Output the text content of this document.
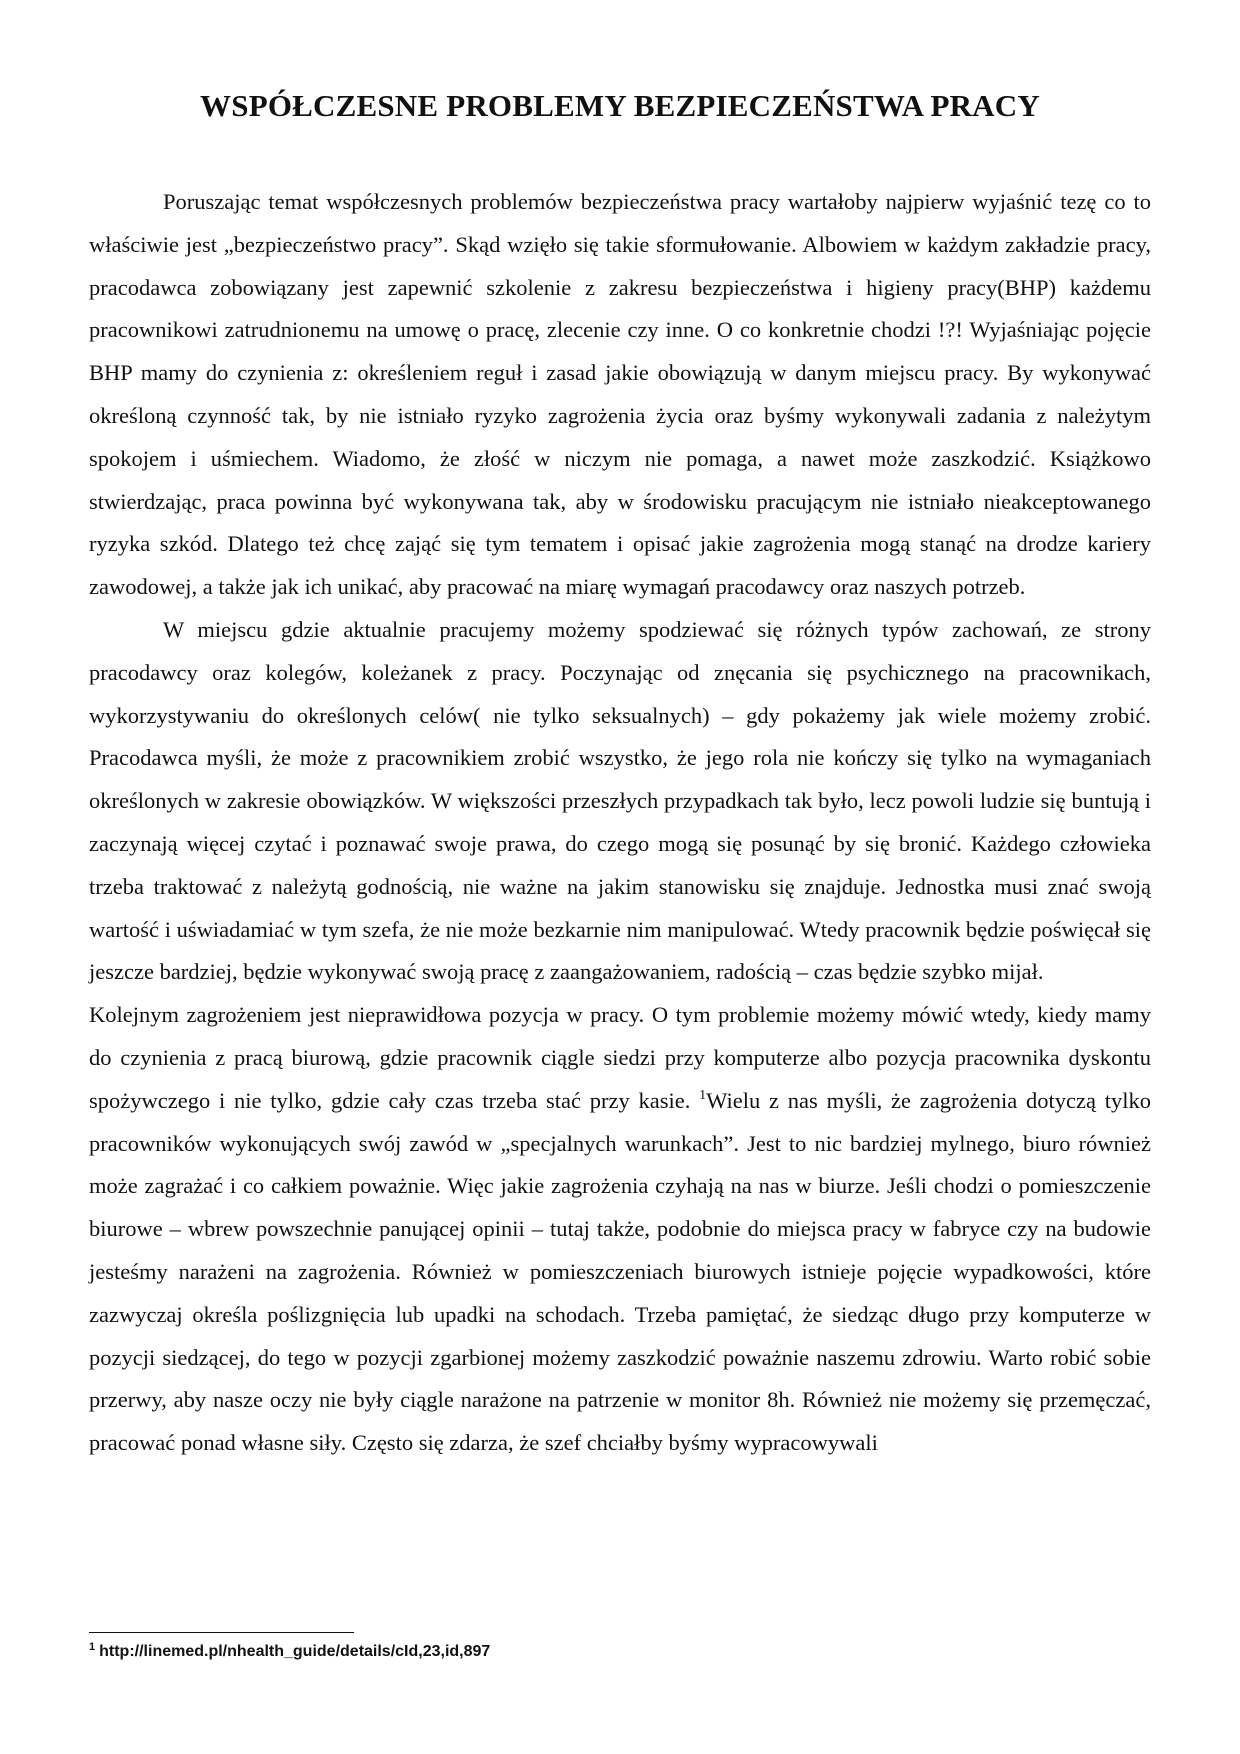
WSPÓŁCZESNE PROBLEMY BEZPIECZEŃSTWA PRACY

Poruszając temat współczesnych problemów bezpieczeństwa pracy wartałoby najpierw wyjaśnić tezę co to właściwie jest „bezpieczeństwo pracy”. Skąd wzięło się takie sformułowanie. Albowiem w każdym zakładzie pracy, pracodawca zobowiązany jest zapewnić szkolenie z zakresu bezpieczeństwa i higieny pracy(BHP) każdemu pracownikowi zatrudnionemu na umowę o pracę, zlecenie czy inne. O co konkretnie chodzi !?! Wyjaśniając pojęcie BHP mamy do czynienia z: określeniem reguł i zasad jakie obowiązują w danym miejscu pracy. By wykonywać określoną czynność tak, by nie istniało ryzyko zagrożenia życia oraz byśmy wykonywali zadania z należytym spokojem i uśmiechem. Wiadomo, że złość w niczym nie pomaga, a nawet może zaszkodzić. Książkowo stwierdzając, praca powinna być wykonywana tak, aby w środowisku pracującym nie istniało nieakceptowanego ryzyka szkód. Dlatego też chcę zająć się tym tematem i opisać jakie zagrożenia mogą stanąć na drodze kariery zawodowej, a także jak ich unikać, aby pracować na miarę wymagań pracodawcy oraz naszych potrzeb.

W miejscu gdzie aktualnie pracujemy możemy spodziewać się różnych typów zachowań, ze strony pracodawcy oraz kolegów, koleżanek z pracy. Poczynając od znęcania się psychicznego na pracownikach, wykorzystywaniu do określonych celów( nie tylko seksualnych) – gdy pokażemy jak wiele możemy zrobić. Pracodawca myśli, że może z pracownikiem zrobić wszystko, że jego rola nie kończy się tylko na wymaganiach określonych w zakresie obowiązków. W większości przeszłych przypadkach tak było, lecz powoli ludzie się buntują i zaczynają więcej czytać i poznawać swoje prawa, do czego mogą się posunąć by się bronić. Każdego człowieka trzeba traktować z należytą godnością, nie ważne na jakim stanowisku się znajduje. Jednostka musi znać swoją wartość i uświadamiać w tym szefa, że nie może bezkarnie nim manipulować. Wtedy pracownik będzie poświęcał się jeszcze bardziej, będzie wykonywać swoją pracę z zaangażowaniem, radością – czas będzie szybko mijał.

Kolejnym zagrożeniem jest nieprawidłowa pozycja w pracy. O tym problemie możemy mówić wtedy, kiedy mamy do czynienia z pracą biurową, gdzie pracownik ciągle siedzi przy komputerze albo pozycja pracownika dyskontu spożywczego i nie tylko, gdzie cały czas trzeba stać przy kasie. $^1$Wielu z nas myśli, że zagrożenia dotyczą tylko pracowników wykonujących swój zawód w „specjalnych warunkach”. Jest to nic bardziej mylnego, biuro również może zagrażać i co całkiem poważnie. Więc jakie zagrożenia czyhają na nas w biurze. Jeśli chodzi o pomieszczenie biurowe – wbrew powszechnie panującej opinii – tutaj także, podobnie do miejsca pracy w fabryce czy na budowie jesteśmy narażeni na zagrożenia. Również w pomieszczeniach biurowych istnieje pojęcie wypadkowości, które zazwyczaj określa poślizgnięcia lub upadki na schodach. Trzeba pamiętać, że siedząc długo przy komputerze w pozycji siedzącej, do tego w pozycji zgarbionej możemy zaszkodzić poważnie naszemu zdrowiu. Warto robić sobie przerwy, aby nasze oczy nie były ciągle narażone na patrzenie w monitor 8h. Również nie możemy się przemęczać, pracować ponad własne siły. Często się zdarza, że szef chciałby byśmy wypracowywali

$^1$ http://linemed.pl/nhealth_guide/details/cId,23,id,897
